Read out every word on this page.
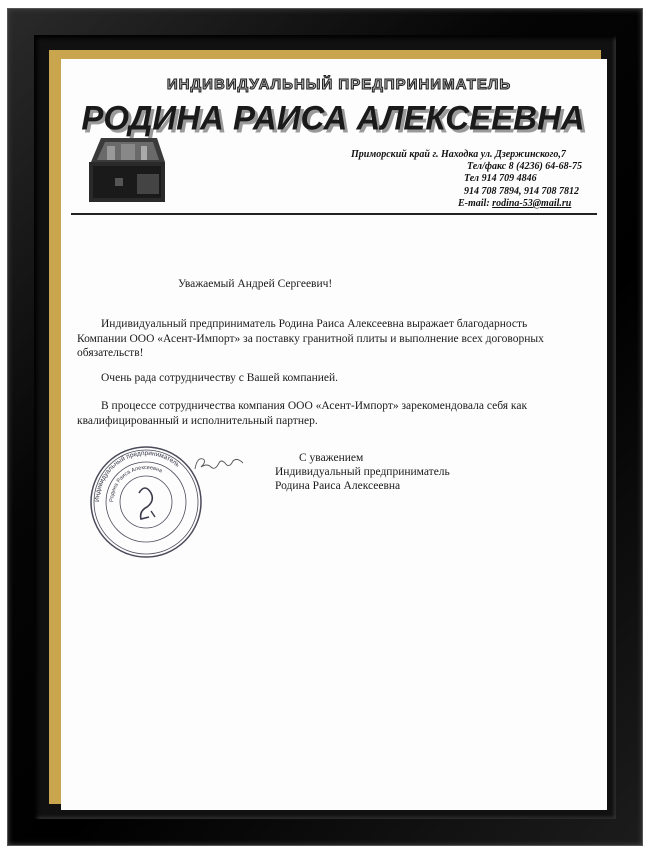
ИНДИВИДУАЛЬНЫЙ ПРЕДПРИНИМАТЕЛЬ
РОДИНА РАИСА АЛЕКСЕЕВНА
Приморский край г. Находка ул. Дзержинского,7
Тел/факс 8 (4236) 64-68-75
Тел 914 709 4846
914 708 7894, 914 708 7812
E-mail: rodina-53@mail.ru
Уважаемый Андрей Сергеевич!
Индивидуальный предприниматель Родина Раиса Алексеевна выражает благодарность
Компании ООО «Асент-Импорт» за поставку гранитной плиты и выполнение всех договорных обязательств!
Очень рада сотрудничеству с Вашей компанией.
В процессе сотрудничества компания ООО «Асент-Импорт» зарекомендовала себя как
квалифицированный и исполнительный партнер.
Индивидуальный предприниматель
Родина Раиса Алексеевна
С уважением
Индивидуальный предприниматель
Родина Раиса Алексеевна
